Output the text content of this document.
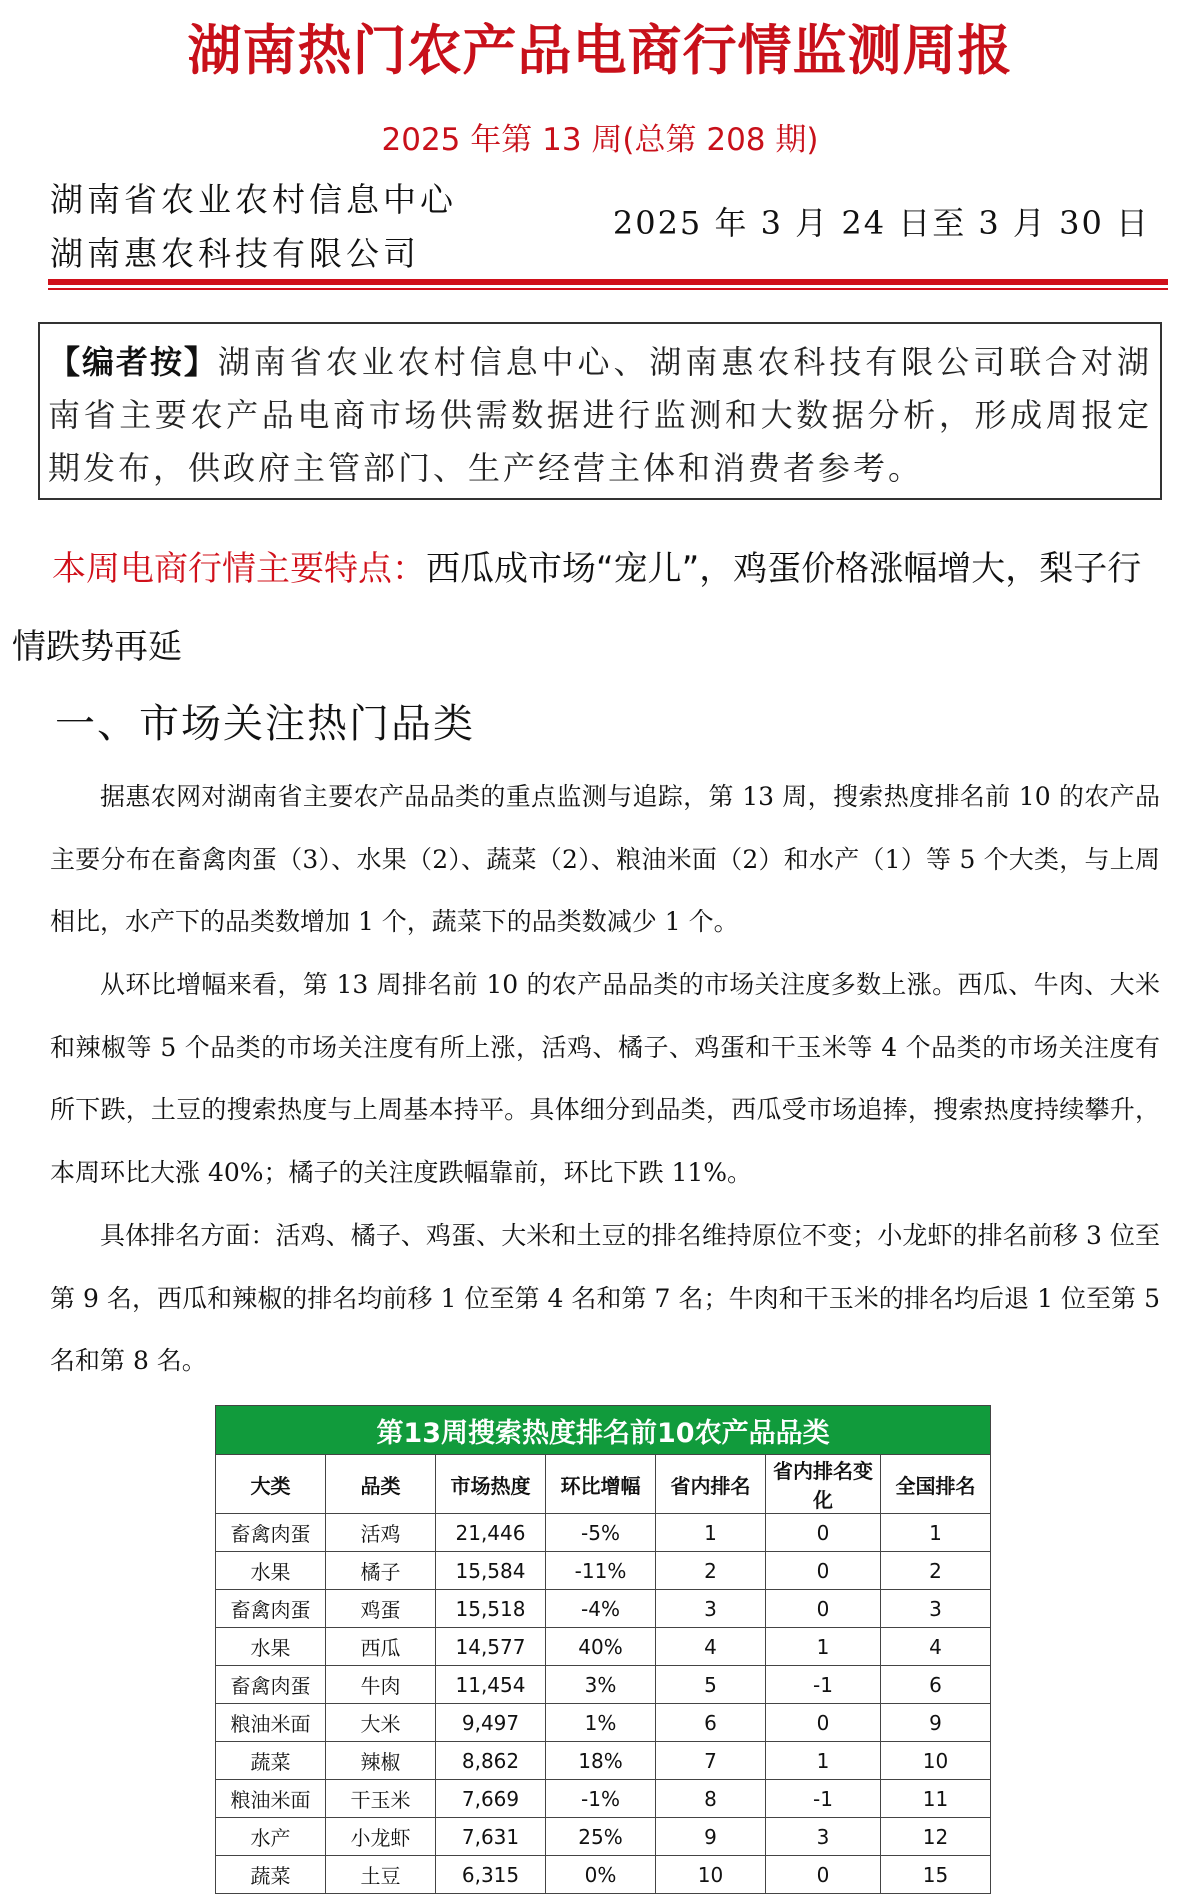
湖南热门农产品电商行情监测周报
2025 年第 13 周(总第 208 期)
湖南省农业农村信息中心
湖南惠农科技有限公司
2025 年 3 月 24 日至 3 月 30 日
【编者按】湖南省农业农村信息中心、湖南惠农科技有限公司联合对湖南省主要农产品电商市场供需数据进行监测和大数据分析，形成周报定期发布，供政府主管部门、生产经营主体和消费者参考。
本周电商行情主要特点：西瓜成市场“宠儿”，鸡蛋价格涨幅增大，梨子行情跌势再延
一、市场关注热门品类

据惠农网对湖南省主要农产品品类的重点监测与追踪，第 13 周，搜索热度排名前 10 的农产品主要分布在畜禽肉蛋（3）、水果（2）、蔬菜（2）、粮油米面（2）和水产（1）等 5 个大类，与上周相比，水产下的品类数增加 1 个，蔬菜下的品类数减少 1 个。

从环比增幅来看，第 13 周排名前 10 的农产品品类的市场关注度多数上涨。西瓜、牛肉、大米和辣椒等 5 个品类的市场关注度有所上涨，活鸡、橘子、鸡蛋和干玉米等 4 个品类的市场关注度有所下跌，土豆的搜索热度与上周基本持平。具体细分到品类，西瓜受市场追捧，搜索热度持续攀升，本周环比大涨 40%；橘子的关注度跌幅靠前，环比下跌 11%。

具体排名方面：活鸡、橘子、鸡蛋、大米和土豆的排名维持原位不变；小龙虾的排名前移 3 位至第 9 名，西瓜和辣椒的排名均前移 1 位至第 4 名和第 7 名；牛肉和干玉米的排名均后退 1 位至第 5 名和第 8 名。

第13周搜索热度排名前10农产品品类						
大类	品类	市场热度	环比增幅	省内排名	省内排名变化	全国排名
畜禽肉蛋	活鸡	21,446	-5%	1	0	1
水果	橘子	15,584	-11%	2	0	2
畜禽肉蛋	鸡蛋	15,518	-4%	3	0	3
水果	西瓜	14,577	40%	4	1	4
畜禽肉蛋	牛肉	11,454	3%	5	-1	6
粮油米面	大米	9,497	1%	6	0	9
蔬菜	辣椒	8,862	18%	7	1	10
粮油米面	干玉米	7,669	-1%	8	-1	11
水产	小龙虾	7,631	25%	9	3	12
蔬菜	土豆	6,315	0%	10	0	15
